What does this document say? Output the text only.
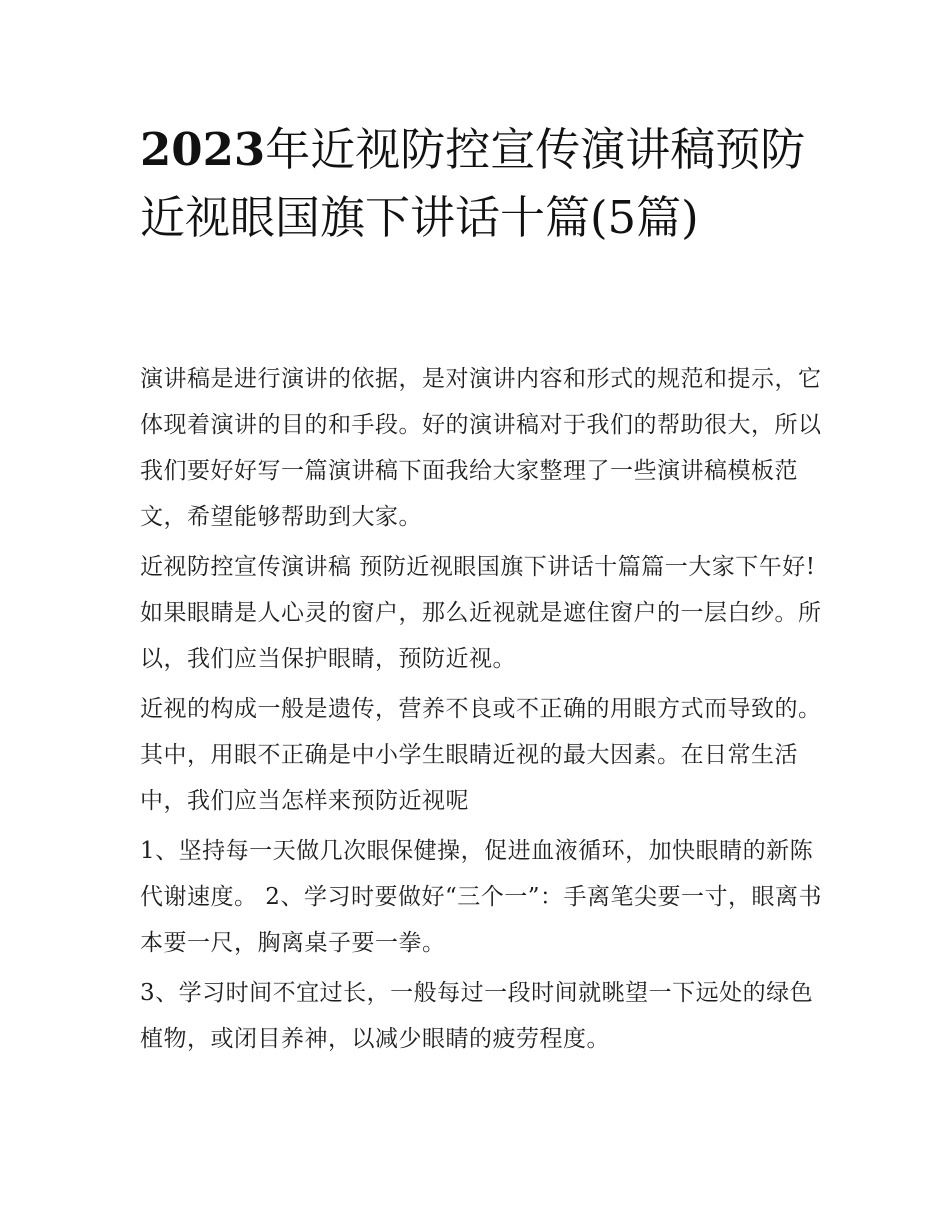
2023年近视防控宣传演讲稿预防近视眼国旗下讲话十篇(5篇)

演讲稿是进行演讲的依据，是对演讲内容和形式的规范和提示，它体现着演讲的目的和手段。好的演讲稿对于我们的帮助很大，所以我们要好好写一篇演讲稿下面我给大家整理了一些演讲稿模板范文，希望能够帮助到大家。

近视防控宣传演讲稿 预防近视眼国旗下讲话十篇篇一大家下午好! 如果眼睛是人心灵的窗户，那么近视就是遮住窗户的一层白纱。所以，我们应当保护眼睛，预防近视。

近视的构成一般是遗传，营养不良或不正确的用眼方式而导致的。其中，用眼不正确是中小学生眼睛近视的最大因素。在日常生活中，我们应当怎样来预防近视呢

1、坚持每一天做几次眼保健操，促进血液循环，加快眼睛的新陈代谢速度。 2、学习时要做好“三个一”：手离笔尖要一寸，眼离书本要一尺，胸离桌子要一拳。

3、学习时间不宜过长，一般每过一段时间就眺望一下远处的绿色植物，或闭目养神，以减少眼睛的疲劳程度。
